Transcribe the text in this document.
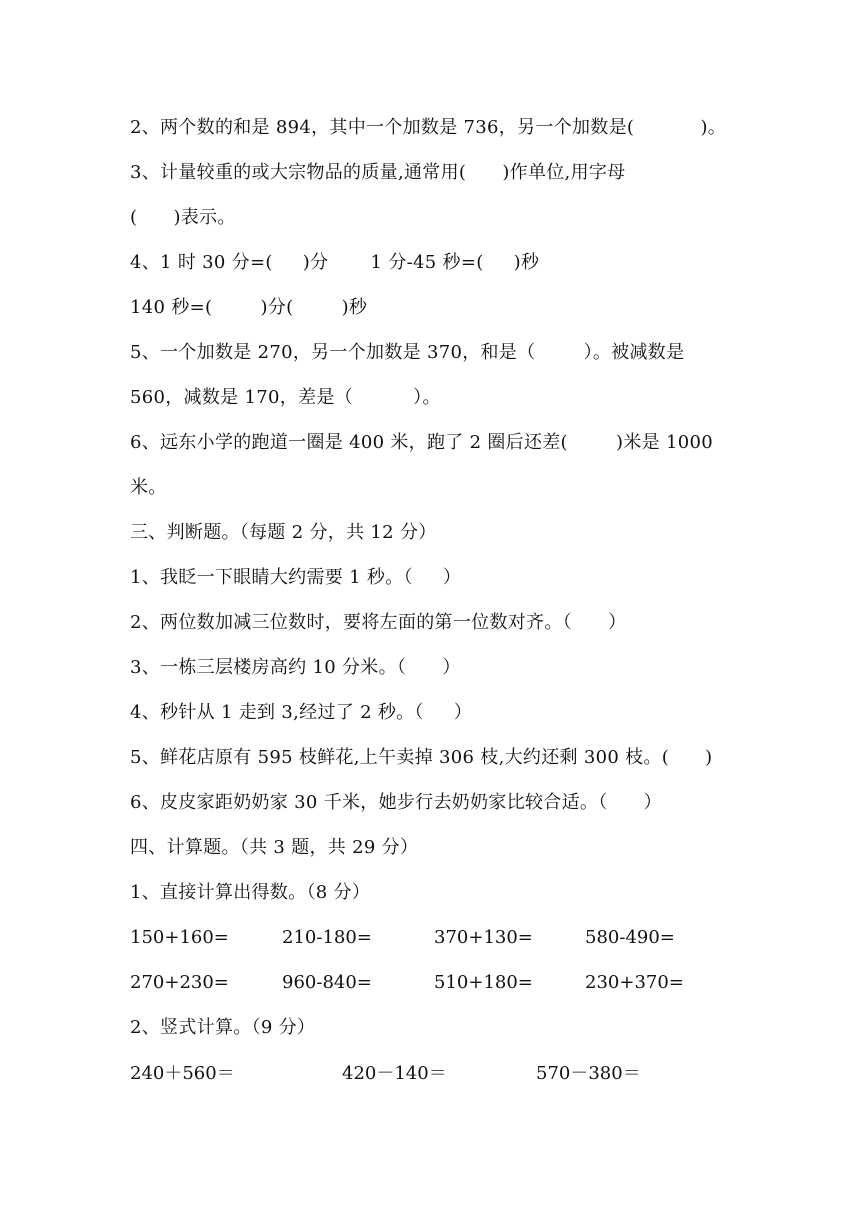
2、两个数的和是 894，其中一个加数是 736，另一个加数是(           )。
3、计量较重的或大宗物品的质量,通常用(      )作单位,用字母
(      )表示。
4、1 时 30 分=(     )分       1 分-45 秒=(     )秒
140 秒=(        )分(        )秒
5、一个加数是 270，另一个加数是 370，和是（        ）。被减数是
560，减数是 170，差是（          ）。
6、远东小学的跑道一圈是 400 米，跑了 2 圈后还差(        )米是 1000
米。
三、判断题。（每题 2 分，共 12 分）
1、我眨一下眼睛大约需要 1 秒。（     ）
2、两位数加减三位数时，要将左面的第一位数对齐。（      ）
3、一栋三层楼房高约 10 分米。（      ）
4、秒针从 1 走到 3,经过了 2 秒。（     ）
5、鲜花店原有 595 枝鲜花,上午卖掉 306 枝,大约还剩 300 枝。(      )
6、皮皮家距奶奶家 30 千米，她步行去奶奶家比较合适。（      ）
四、计算题。（共 3 题，共 29 分）
1、直接计算出得数。（8 分）
150+160=	210-180=	370+130=	580-490=
270+230=	960-840=	510+180=	230+370=
2、竖式计算。（9 分）
240＋560＝	420－140＝	570－380＝
